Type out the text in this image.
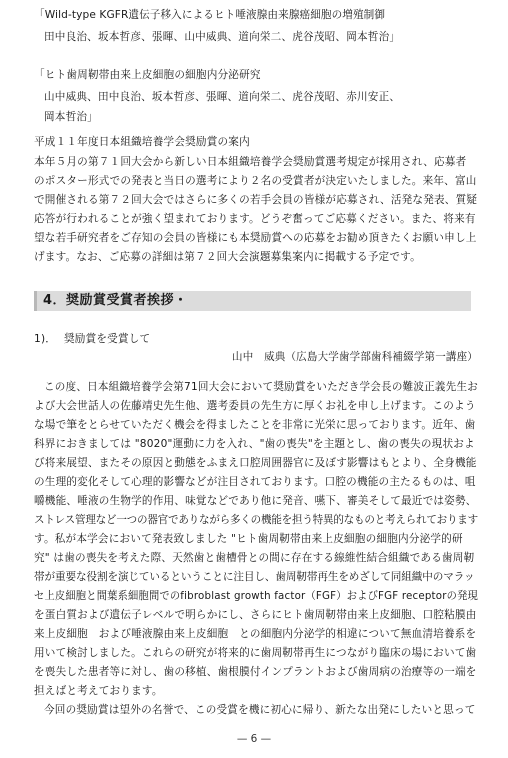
「Wild-type KGFR遺伝子移入によるヒト唾液腺由来腺癌細胞の増殖制御
田中良治、坂本哲彦、張暉、山中威典、道向栄二、虎谷茂昭、岡本哲治」
「ヒト歯周靭帯由来上皮細胞の細胞内分泌研究
山中威典、田中良治、坂本哲彦、張暉、道向栄二、虎谷茂昭、赤川安正、
岡本哲治」
平成１１年度日本組織培養学会奨励賞の案内
本年５月の第７１回大会から新しい日本組織培養学会奨励賞選考規定が採用され、応募者
のポスター形式での発表と当日の選考により２名の受賞者が決定いたしました。来年、富山
で開催される第７２回大会ではさらに多くの若手会員の皆様が応募され、活発な発表、質疑
応答が行われることが強く望まれております。どうぞ奮ってご応募ください。また、将来有
望な若手研究者をご存知の会員の皆様にも本奨励賞への応募をお勧め頂きたくお願い申し上
げます。なお、ご応募の詳細は第７２回大会演題募集案内に掲載する予定です。
4．奨励賞受賞者挨拶・
1)． 奨励賞を受賞して
山中　威典（広島大学歯学部歯科補綴学第一講座）
この度、日本組織培養学会第71回大会において奨励賞をいただき学会長の難波正義先生お
よび大会世話人の佐藤靖史先生他、選考委員の先生方に厚くお礼を申し上げます。このよう
な場で筆をとらせていただく機会を得ましたことを非常に光栄に思っております。近年、歯
科界におきましては "8020"運動に力を入れ、"歯の喪失"を主題とし、歯の喪失の現状およ
び将来展望、またその原因と動態をふまえ口腔周囲器官に及ぼす影響はもとより、全身機能
の生理的変化そして心理的影響などが注目されております。口腔の機能の主たるものは、咀
嚼機能、唾液の生物学的作用、味覚などであり他に発音、嚥下、審美そして最近では姿勢、
ストレス管理など一つの器官でありながら多くの機能を担う特異的なものと考えられております
す。私が本学会において発表致しました "ヒト歯周靭帯由来上皮細胞の細胞内分泌学的研
究" は歯の喪失を考えた際、天然歯と歯槽骨との間に存在する線維性結合組織である歯周靭
帯が重要な役割を演じているということに注目し、歯周靭帯再生をめざして同組織中のマラッ
セ上皮細胞と間葉系細胞間でのfibroblast growth factor（FGF）およびFGF receptorの発現
を蛋白質および遺伝子レベルで明らかにし、さらにヒト歯周靭帯由来上皮細胞、口腔粘膜由
来上皮細胞　および唾液腺由来上皮細胞　との細胞内分泌学的相違について無血清培養系を
用いて検討しました。これらの研究が将来的に歯周靭帯再生につながり臨床の場において歯
を喪失した患者等に対し、歯の移植、歯根膜付インプラントおよび歯周病の治療等の一端を
担えばと考えております。
今回の奨励賞は望外の名誉で、この受賞を機に初心に帰り、新たな出発にしたいと思って
— 6 —
